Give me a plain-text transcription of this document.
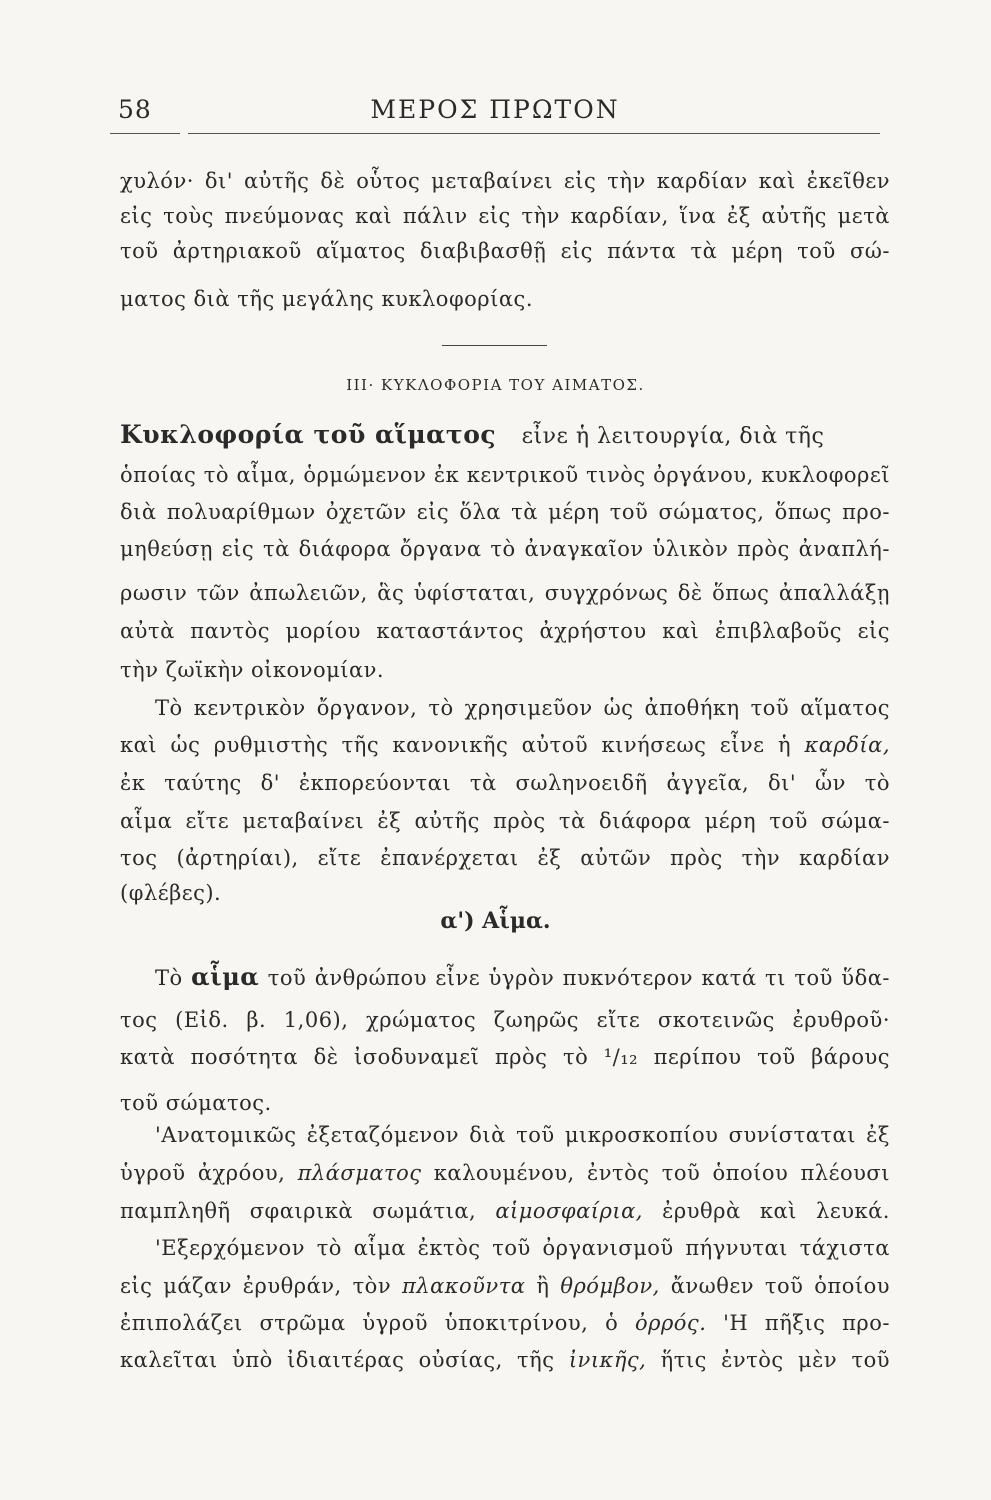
58	ΜΕΡΟΣ ΠΡΩΤΟΝ
χυλόν· δι' αὐτῆς δὲ οὗτος μεταβαίνει εἰς τὴν καρδίαν καὶ ἐκεῖθεν
εἰς τοὺς πνεύμονας καὶ πάλιν εἰς τὴν καρδίαν, ἵνα ἐξ αὐτῆς μετὰ
τοῦ ἀρτηριακοῦ αἵματος διαβιβασθῇ εἰς πάντα τὰ μέρη τοῦ σώ-
ματος διὰ τῆς μεγάλης κυκλοφορίας.
ΙΙΙ· ΚΥΚΛΟΦΟΡΙΑ ΤΟΥ ΑΙΜΑΤΟΣ.
Κυκλοφορία τοῦ αἵματος εἶνε ἡ λειτουργία, διὰ τῆς
ὁποίας τὸ αἷμα, ὁρμώμενον ἐκ κεντρικοῦ τινὸς ὀργάνου, κυκλοφορεῖ
διὰ πολυαρίθμων ὀχετῶν εἰς ὅλα τὰ μέρη τοῦ σώματος, ὅπως προ-
μηθεύσῃ εἰς τὰ διάφορα ὄργανα τὸ ἀναγκαῖον ὑλικὸν πρὸς ἀναπλή-
ρωσιν τῶν ἀπωλειῶν, ἃς ὑφίσταται, συγχρόνως δὲ ὅπως ἀπαλλάξῃ
αὐτὰ παντὸς μορίου καταστάντος ἀχρήστου καὶ ἐπιβλαβοῦς εἰς
τὴν ζωϊκὴν οἰκονομίαν.
Τὸ κεντρικὸν ὄργανον, τὸ χρησιμεῦον ὡς ἀποθήκη τοῦ αἵματος
καὶ ὡς ρυθμιστὴς τῆς κανονικῆς αὐτοῦ κινήσεως εἶνε ἡ καρδία,
ἐκ ταύτης δ' ἐκπορεύονται τὰ σωληνοειδῆ ἀγγεῖα, δι' ὧν τὸ
αἷμα εἴτε μεταβαίνει ἐξ αὐτῆς πρὸς τὰ διάφορα μέρη τοῦ σώμα-
τος (ἀρτηρίαι), εἴτε ἐπανέρχεται ἐξ αὐτῶν πρὸς τὴν καρδίαν
(φλέβες).
α') Αἷμα.
Τὸ αἷμα τοῦ ἀνθρώπου εἶνε ὑγρὸν πυκνότερον κατά τι τοῦ ὕδα-
τος (Εἰδ. β. 1,06), χρώματος ζωηρῶς εἴτε σκοτεινῶς ἐρυθροῦ·
κατὰ ποσότητα δὲ ἰσοδυναμεῖ πρὸς τὸ ¹/₁₂ περίπου τοῦ βάρους
τοῦ σώματος.
'Ανατομικῶς ἐξεταζόμενον διὰ τοῦ μικροσκοπίου συνίσταται ἐξ
ὑγροῦ ἀχρόου, πλάσματος καλουμένου, ἐντὸς τοῦ ὁποίου πλέουσι
παμπληθῆ σφαιρικὰ σωμάτια, αἱμοσφαίρια, ἐρυθρὰ καὶ λευκά.
'Εξερχόμενον τὸ αἷμα ἐκτὸς τοῦ ὀργανισμοῦ πήγνυται τάχιστα
εἰς μάζαν ἐρυθράν, τὸν πλακοῦντα ἢ θρόμβον, ἄνωθεν τοῦ ὁποίου
ἐπιπολάζει στρῶμα ὑγροῦ ὑποκιτρίνου, ὁ ὀρρός. 'Η πῆξις προ-
καλεῖται ὑπὸ ἰδιαιτέρας οὐσίας, τῆς ἰνικῆς, ἥτις ἐντὸς μὲν τοῦ
